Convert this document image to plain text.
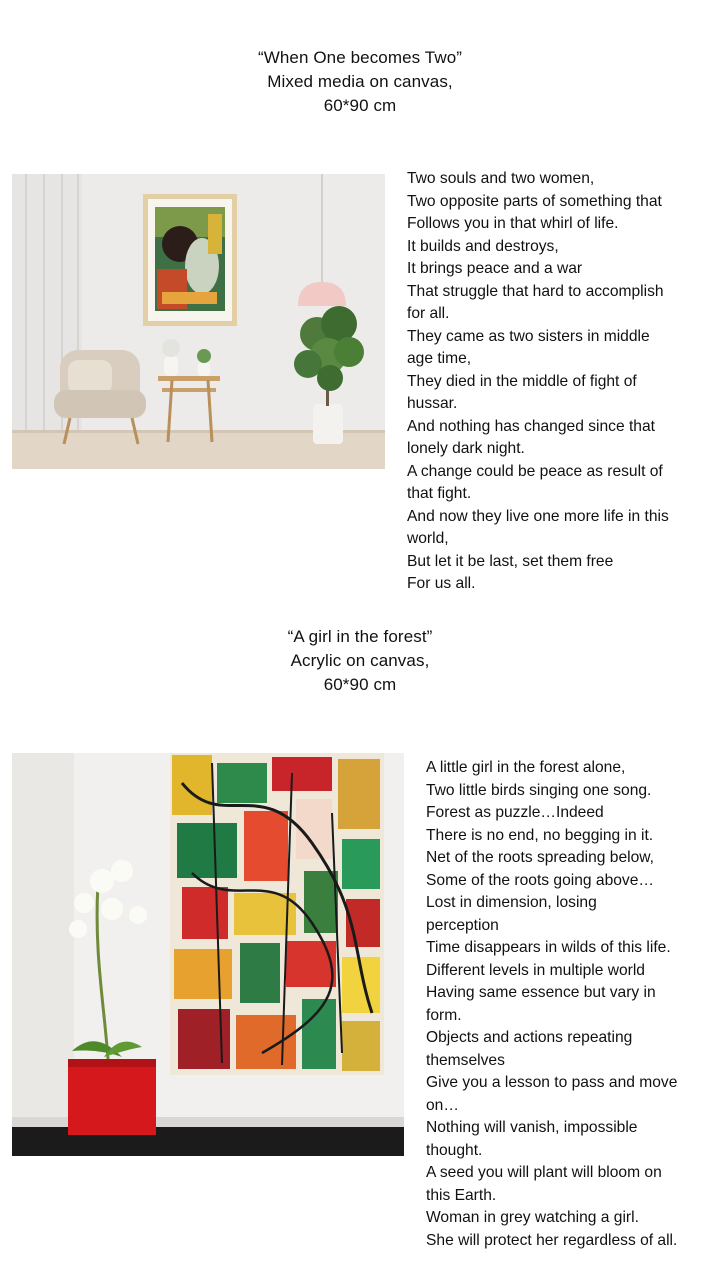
“When One becomes Two”
Mixed media on canvas,
60*90 cm
Two souls and two women,
Two opposite parts of something that
Follows you in that whirl of life.
It builds and destroys,
It brings peace and a war
That struggle that hard to accomplish
for all.
They came as two sisters in middle
age time,
They died in the middle of fight of
hussar.
And nothing has changed since that
lonely dark night.
A change could be peace as result of
that fight.
And now they live one more life in this
world,
But let it be last, set them free
For us all.
“A girl in the forest”
Acrylic on canvas,
60*90 cm
A little girl in the forest alone,
Two little birds singing one song.
Forest as puzzle…Indeed
There is no end, no begging in it.
Net of the roots spreading below,
Some of the roots going above…
Lost in dimension, losing
perception
Time disappears in wilds of this life.
Different levels in multiple world
Having same essence but vary in
form.
Objects and actions repeating
themselves
Give you a lesson to pass and move
on…
Nothing will vanish, impossible
thought.
A seed you will plant will bloom on
this Earth.
Woman in grey watching a girl.
She will protect her regardless of all.
